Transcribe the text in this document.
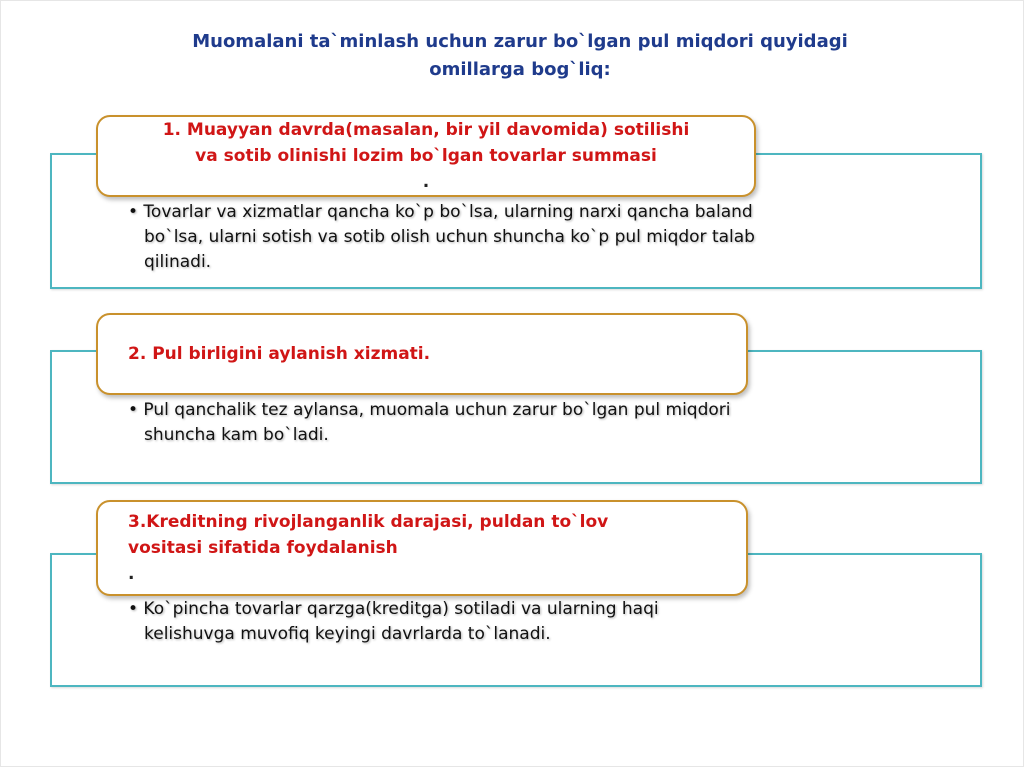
Muomalani ta`minlash uchun zarur bo`lgan pul miqdori quyidagi
omillarga bog`liq:
1. Muayyan davrda(masalan, bir yil davomida) sotilishi
va sotib olinishi lozim bo`lgan tovarlar summasi
.
• Tovarlar va xizmatlar qancha ko`p bo`lsa, ularning narxi qancha baland
bo`lsa, ularni sotish va sotib olish uchun shuncha ko`p pul miqdor talab
qilinadi.
2. Pul birligini aylanish xizmati.
• Pul qanchalik tez aylansa, muomala uchun zarur bo`lgan pul miqdori
shuncha kam bo`ladi.
3.Kreditning rivojlanganlik darajasi, puldan to`lov
vositasi sifatida foydalanish
.
• Ko`pincha tovarlar qarzga(kreditga) sotiladi va ularning haqi
kelishuvga muvofiq keyingi davrlarda to`lanadi.
